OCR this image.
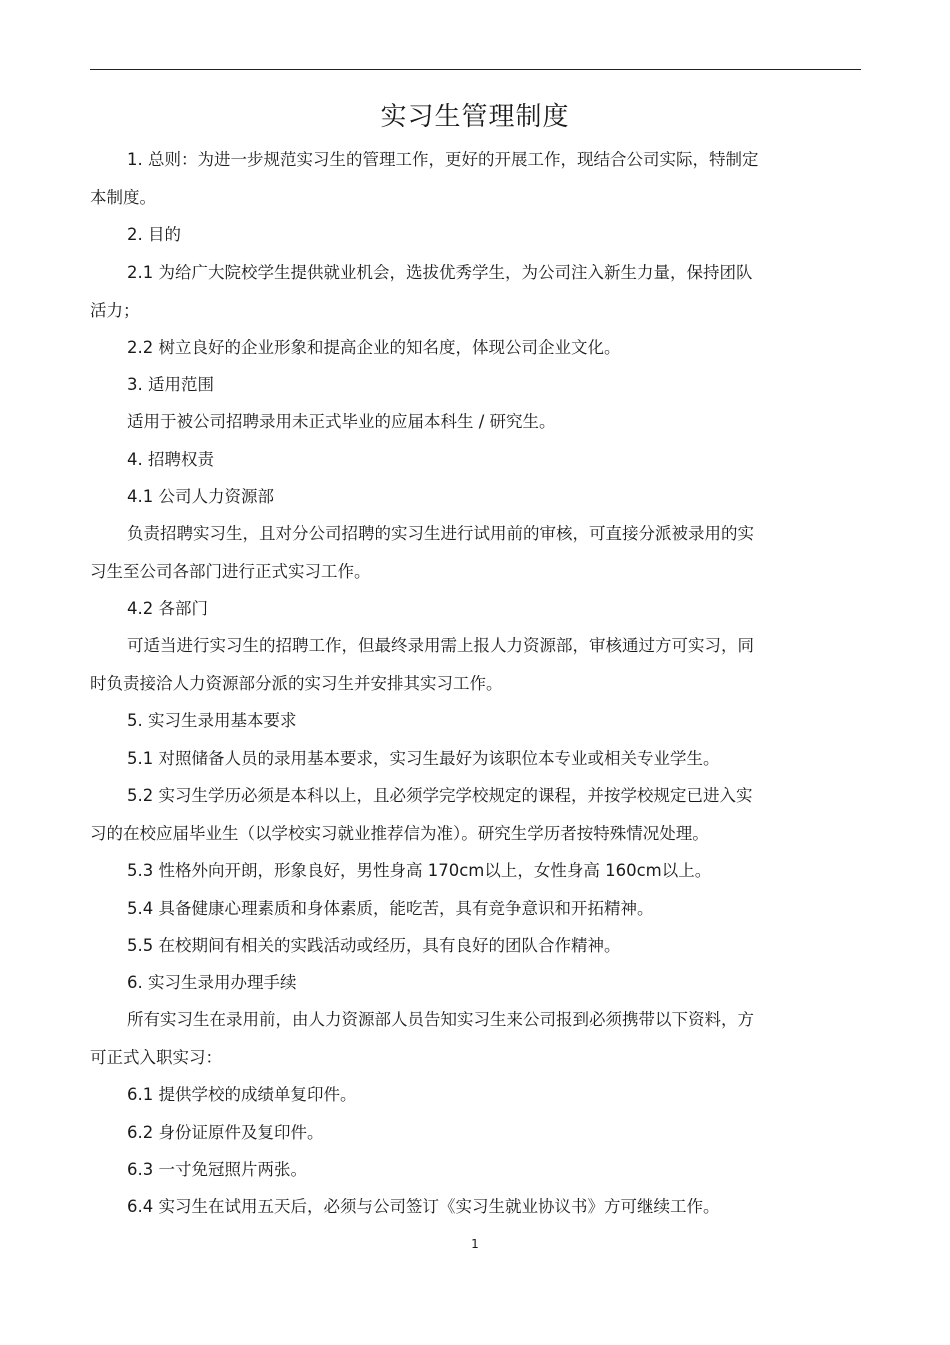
实习生管理制度
1. 总则：为进一步规范实习生的管理工作，更好的开展工作，现结合公司实际，特制定
本制度。
2. 目的
2.1 为给广大院校学生提供就业机会，选拔优秀学生，为公司注入新生力量，保持团队
活力；
2.2 树立良好的企业形象和提高企业的知名度，体现公司企业文化。
3. 适用范围
适用于被公司招聘录用未正式毕业的应届本科生 / 研究生。
4. 招聘权责
4.1 公司人力资源部
负责招聘实习生，且对分公司招聘的实习生进行试用前的审核，可直接分派被录用的实
习生至公司各部门进行正式实习工作。
4.2 各部门
可适当进行实习生的招聘工作，但最终录用需上报人力资源部，审核通过方可实习，同
时负责接洽人力资源部分派的实习生并安排其实习工作。
5. 实习生录用基本要求
5.1 对照储备人员的录用基本要求，实习生最好为该职位本专业或相关专业学生。
5.2 实习生学历必须是本科以上，且必须学完学校规定的课程，并按学校规定已进入实
习的在校应届毕业生（以学校实习就业推荐信为准）。研究生学历者按特殊情况处理。
5.3 性格外向开朗，形象良好，男性身高 170cm以上，女性身高 160cm以上。
5.4 具备健康心理素质和身体素质，能吃苦，具有竞争意识和开拓精神。
5.5 在校期间有相关的实践活动或经历，具有良好的团队合作精神。
6. 实习生录用办理手续
所有实习生在录用前，由人力资源部人员告知实习生来公司报到必须携带以下资料，方
可正式入职实习：
6.1 提供学校的成绩单复印件。
6.2 身份证原件及复印件。
6.3 一寸免冠照片两张。
6.4 实习生在试用五天后，必须与公司签订《实习生就业协议书》方可继续工作。
1
